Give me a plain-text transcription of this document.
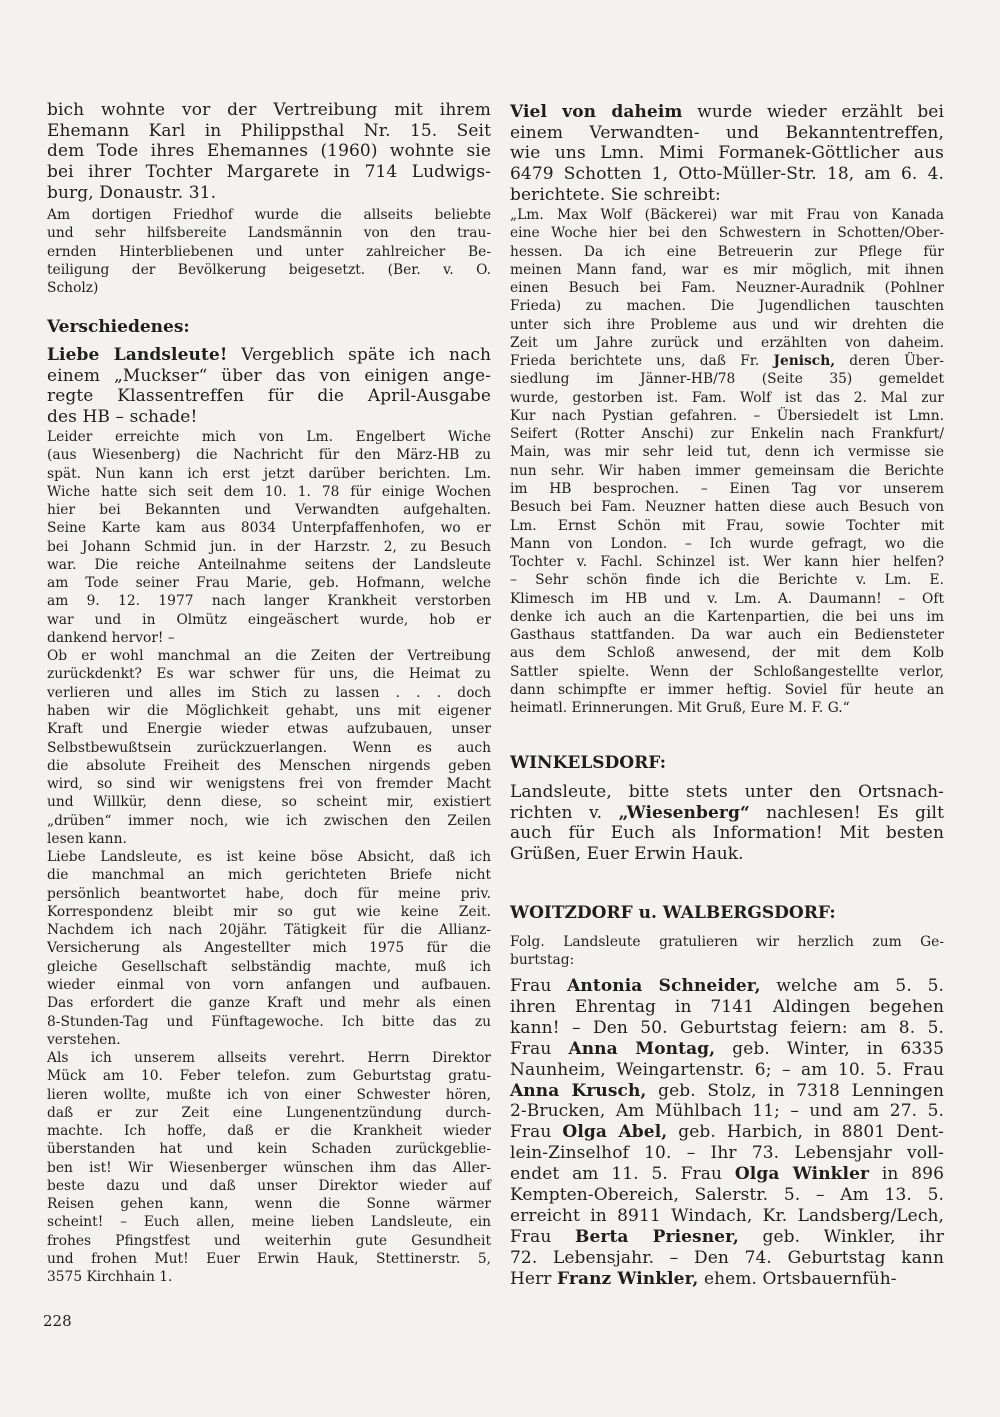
bich wohnte vor der Vertreibung mit ihrem
Ehemann Karl in Philippsthal Nr. 15. Seit
dem Tode ihres Ehemannes (1960) wohnte sie
bei ihrer Tochter Margarete in 714 Ludwigs-
burg, Donaustr. 31.
Am dortigen Friedhof wurde die allseits beliebte
und sehr hilfsbereite Landsmännin von den trau-
ernden Hinterbliebenen und unter zahlreicher Be-
teiligung der Bevölkerung beigesetzt. (Ber. v. O.
Scholz)
Verschiedenes:
Liebe Landsleute! Vergeblich späte ich nach
einem „Muckser“ über das von einigen ange-
regte Klassentreffen für die April-Ausgabe
des HB – schade!
Leider erreichte mich von Lm. Engelbert Wiche
(aus Wiesenberg) die Nachricht für den März-HB zu
spät. Nun kann ich erst jetzt darüber berichten. Lm.
Wiche hatte sich seit dem 10. 1. 78 für einige Wochen
hier bei Bekannten und Verwandten aufgehalten.
Seine Karte kam aus 8034 Unterpfaffenhofen, wo er
bei Johann Schmid jun. in der Harzstr. 2, zu Besuch
war. Die reiche Anteilnahme seitens der Landsleute
am Tode seiner Frau Marie, geb. Hofmann, welche
am 9. 12. 1977 nach langer Krankheit verstorben
war und in Olmütz eingeäschert wurde, hob er
dankend hervor! –
Ob er wohl manchmal an die Zeiten der Vertreibung
zurückdenkt? Es war schwer für uns, die Heimat zu
verlieren und alles im Stich zu lassen . . . doch
haben wir die Möglichkeit gehabt, uns mit eigener
Kraft und Energie wieder etwas aufzubauen, unser
Selbstbewußtsein zurückzuerlangen. Wenn es auch
die absolute Freiheit des Menschen nirgends geben
wird, so sind wir wenigstens frei von fremder Macht
und Willkür, denn diese, so scheint mir, existiert
„drüben“ immer noch, wie ich zwischen den Zeilen
lesen kann.
Liebe Landsleute, es ist keine böse Absicht, daß ich
die manchmal an mich gerichteten Briefe nicht
persönlich beantwortet habe, doch für meine priv.
Korrespondenz bleibt mir so gut wie keine Zeit.
Nachdem ich nach 20jähr. Tätigkeit für die Allianz-
Versicherung als Angestellter mich 1975 für die
gleiche Gesellschaft selbständig machte, muß ich
wieder einmal von vorn anfangen und aufbauen.
Das erfordert die ganze Kraft und mehr als einen
8-Stunden-Tag und Fünftagewoche. Ich bitte das zu
verstehen.
Als ich unserem allseits verehrt. Herrn Direktor
Mück am 10. Feber telefon. zum Geburtstag gratu-
lieren wollte, mußte ich von einer Schwester hören,
daß er zur Zeit eine Lungenentzündung durch-
machte. Ich hoffe, daß er die Krankheit wieder
überstanden hat und kein Schaden zurückgeblie-
ben ist! Wir Wiesenberger wünschen ihm das Aller-
beste dazu und daß unser Direktor wieder auf
Reisen gehen kann, wenn die Sonne wärmer
scheint! – Euch allen, meine lieben Landsleute, ein
frohes Pfingstfest und weiterhin gute Gesundheit
und frohen Mut! Euer Erwin Hauk, Stettinerstr. 5,
3575 Kirchhain 1.
Viel von daheim wurde wieder erzählt bei
einem Verwandten- und Bekanntentreffen,
wie uns Lmn. Mimi Formanek-Göttlicher aus
6479 Schotten 1, Otto-Müller-Str. 18, am 6. 4.
berichtete. Sie schreibt:
„Lm. Max Wolf (Bäckerei) war mit Frau von Kanada
eine Woche hier bei den Schwestern in Schotten/Ober-
hessen. Da ich eine Betreuerin zur Pflege für
meinen Mann fand, war es mir möglich, mit ihnen
einen Besuch bei Fam. Neuzner-Auradnik (Pohlner
Frieda) zu machen. Die Jugendlichen tauschten
unter sich ihre Probleme aus und wir drehten die
Zeit um Jahre zurück und erzählten von daheim.
Frieda berichtete uns, daß Fr. Jenisch, deren Über-
siedlung im Jänner-HB/78 (Seite 35) gemeldet
wurde, gestorben ist. Fam. Wolf ist das 2. Mal zur
Kur nach Pystian gefahren. – Übersiedelt ist Lmn.
Seifert (Rotter Anschi) zur Enkelin nach Frankfurt/
Main, was mir sehr leid tut, denn ich vermisse sie
nun sehr. Wir haben immer gemeinsam die Berichte
im HB besprochen. – Einen Tag vor unserem
Besuch bei Fam. Neuzner hatten diese auch Besuch von
Lm. Ernst Schön mit Frau, sowie Tochter mit
Mann von London. – Ich wurde gefragt, wo die
Tochter v. Fachl. Schinzel ist. Wer kann hier helfen?
– Sehr schön finde ich die Berichte v. Lm. E.
Klimesch im HB und v. Lm. A. Daumann! – Oft
denke ich auch an die Kartenpartien, die bei uns im
Gasthaus stattfanden. Da war auch ein Bediensteter
aus dem Schloß anwesend, der mit dem Kolb
Sattler spielte. Wenn der Schloßangestellte verlor,
dann schimpfte er immer heftig. Soviel für heute an
heimatl. Erinnerungen. Mit Gruß, Eure M. F. G.“
WINKELSDORF:
Landsleute, bitte stets unter den Ortsnach-
richten v. „Wiesenberg“ nachlesen! Es gilt
auch für Euch als Information! Mit besten
Grüßen, Euer Erwin Hauk.
WOITZDORF u. WALBERGSDORF:
Folg. Landsleute gratulieren wir herzlich zum Ge-
burtstag:
Frau Antonia Schneider, welche am 5. 5.
ihren Ehrentag in 7141 Aldingen begehen
kann! – Den 50. Geburtstag feiern: am 8. 5.
Frau Anna Montag, geb. Winter, in 6335
Naunheim, Weingartenstr. 6; – am 10. 5. Frau
Anna Krusch, geb. Stolz, in 7318 Lenningen
2-Brucken, Am Mühlbach 11; – und am 27. 5.
Frau Olga Abel, geb. Harbich, in 8801 Dent-
lein-Zinselhof 10. – Ihr 73. Lebensjahr voll-
endet am 11. 5. Frau Olga Winkler in 896
Kempten-Obereich, Salerstr. 5. – Am 13. 5.
erreicht in 8911 Windach, Kr. Landsberg/Lech,
Frau Berta Priesner, geb. Winkler, ihr
72. Lebensjahr. – Den 74. Geburtstag kann
Herr Franz Winkler, ehem. Ortsbauernfüh-
228
